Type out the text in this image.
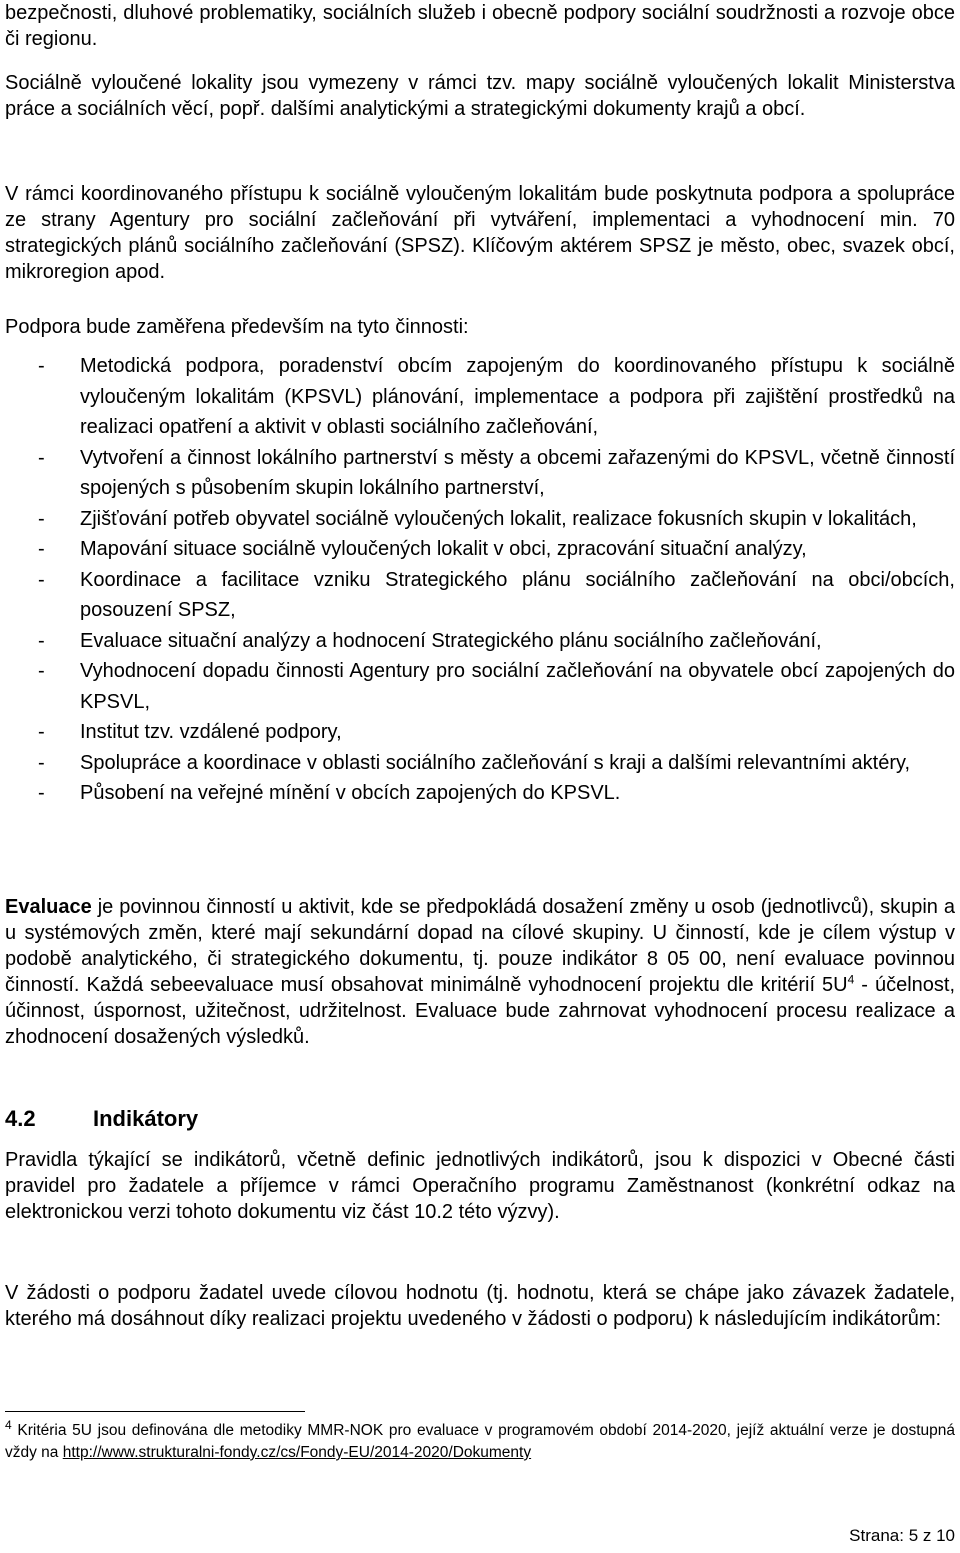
bezpečnosti, dluhové problematiky, sociálních služeb i obecně podpory sociální soudržnosti a rozvoje obce či regionu.

Sociálně vyloučené lokality jsou vymezeny v rámci tzv. mapy sociálně vyloučených lokalit Ministerstva práce a sociálních věcí, popř. dalšími analytickými a strategickými dokumenty krajů a obcí.

V rámci koordinovaného přístupu k sociálně vyloučeným lokalitám bude poskytnuta podpora a spolupráce ze strany Agentury pro sociální začleňování při vytváření, implementaci a vyhodnocení min. 70 strategických plánů sociálního začleňování (SPSZ). Klíčovým aktérem SPSZ je město, obec, svazek obcí, mikroregion apod.

Podpora bude zaměřena především na tyto činnosti:

- Metodická podpora, poradenství obcím zapojeným do koordinovaného přístupu k sociálně vyloučeným lokalitám (KPSVL) plánování, implementace a podpora při zajištění prostředků na realizaci opatření a aktivit v oblasti sociálního začleňování,
- Vytvoření a činnost lokálního partnerství s městy a obcemi zařazenými do KPSVL, včetně činností spojených s působením skupin lokálního partnerství,
- Zjišťování potřeb obyvatel sociálně vyloučených lokalit, realizace fokusních skupin v lokalitách,
- Mapování situace sociálně vyloučených lokalit v obci, zpracování situační analýzy,
- Koordinace a facilitace vzniku Strategického plánu sociálního začleňování na obci/obcích, posouzení SPSZ,
- Evaluace situační analýzy a hodnocení Strategického plánu sociálního začleňování,
- Vyhodnocení dopadu činnosti Agentury pro sociální začleňování na obyvatele obcí zapojených do KPSVL,
- Institut tzv. vzdálené podpory,
- Spolupráce a koordinace v oblasti sociálního začleňování s kraji a dalšími relevantními aktéry,
- Působení na veřejné mínění v obcích zapojených do KPSVL.

Evaluace je povinnou činností u aktivit, kde se předpokládá dosažení změny u osob (jednotlivců), skupin a u systémových změn, které mají sekundární dopad na cílové skupiny. U činností, kde je cílem výstup v podobě analytického, či strategického dokumentu, tj. pouze indikátor 8 05 00, není evaluace povinnou činností. Každá sebeevaluace musí obsahovat minimálně vyhodnocení projektu dle kritérií $5U^4$ - účelnost, účinnost, úspornost, užitečnost, udržitelnost. Evaluace bude zahrnovat vyhodnocení procesu realizace a zhodnocení dosažených výsledků.

4.2	Indikátory

Pravidla týkající se indikátorů, včetně definic jednotlivých indikátorů, jsou k dispozici v Obecné části pravidel pro žadatele a příjemce v rámci Operačního programu Zaměstnanost (konkrétní odkaz na elektronickou verzi tohoto dokumentu viz část 10.2 této výzvy).

V žádosti o podporu žadatel uvede cílovou hodnotu (tj. hodnotu, která se chápe jako závazek žadatele, kterého má dosáhnout díky realizaci projektu uvedeného v žádosti o podporu) k následujícím indikátorům:

$^4$ Kritéria 5U jsou definována dle metodiky MMR-NOK pro evaluace v programovém období 2014-2020, jejíž aktuální verze je dostupná vždy na http://www.strukturalni-fondy.cz/cs/Fondy-EU/2014-2020/Dokumenty
Strana: 5 z 10
